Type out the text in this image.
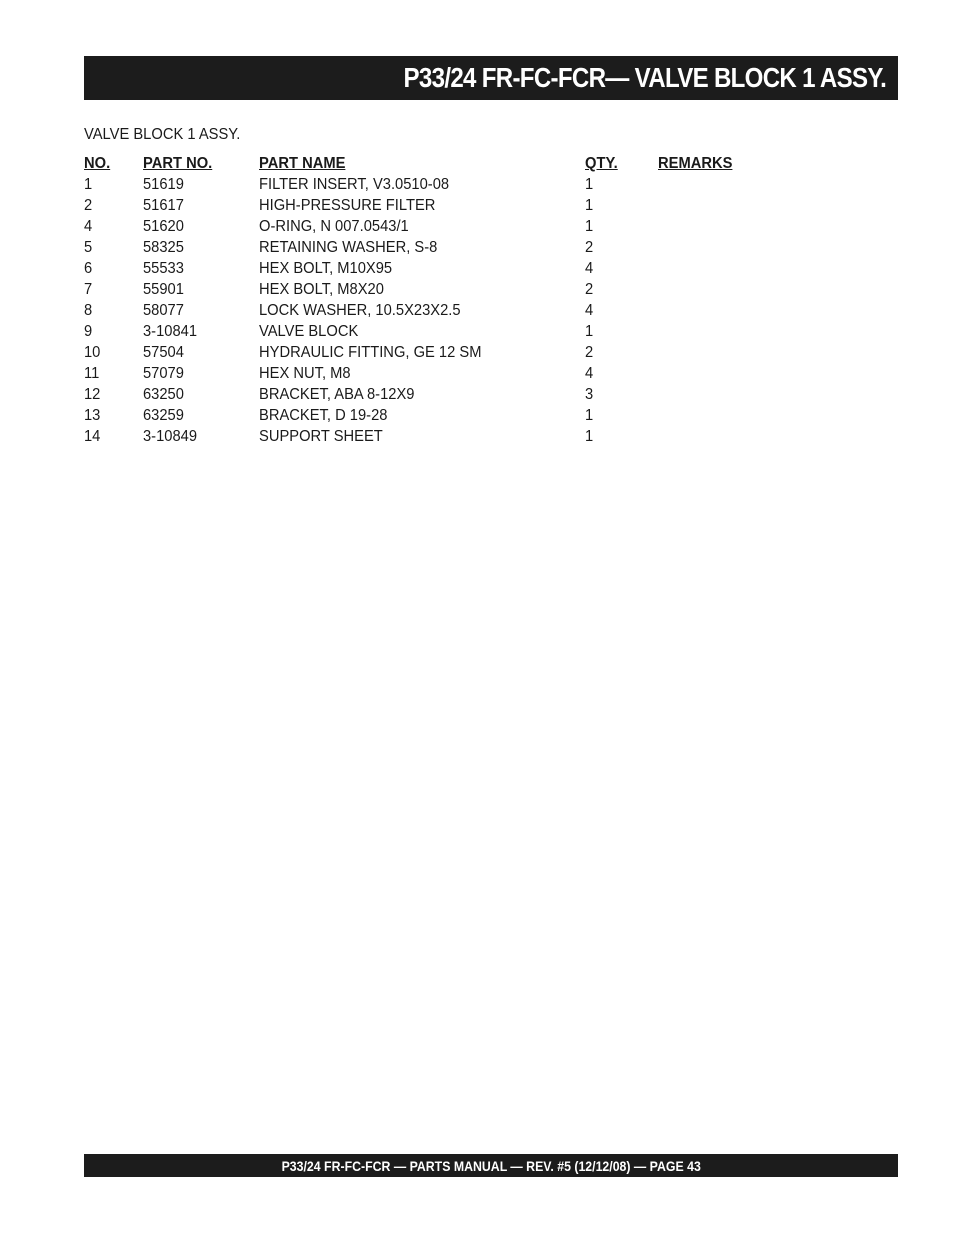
P33/24 FR-FC-FCR— VALVE BLOCK 1 ASSY.
VALVE BLOCK 1 ASSY.
NO. PART NO.	PART NAME	QTY.	REMARKS
1	51619	FILTER INSERT, V3.0510-08	1
2	51617	HIGH-PRESSURE FILTER	1
4	51620	O-RING, N 007.0543/1	1
5	58325	RETAINING WASHER, S-8	2
6	55533	HEX BOLT, M10X95	4
7	55901	HEX BOLT, M8X20	2
8	58077	LOCK WASHER, 10.5X23X2.5	4
9	3-10841	VALVE BLOCK	1
10	57504	HYDRAULIC FITTING, GE 12 SM	2
11	57079	HEX NUT, M8	4
12	63250	BRACKET, ABA 8-12X9	3
13	63259	BRACKET, D 19-28	1
14	3-10849	SUPPORT SHEET	1
P33/24 FR-FC-FCR — PARTS MANUAL — REV. #5 (12/12/08) — PAGE 43
